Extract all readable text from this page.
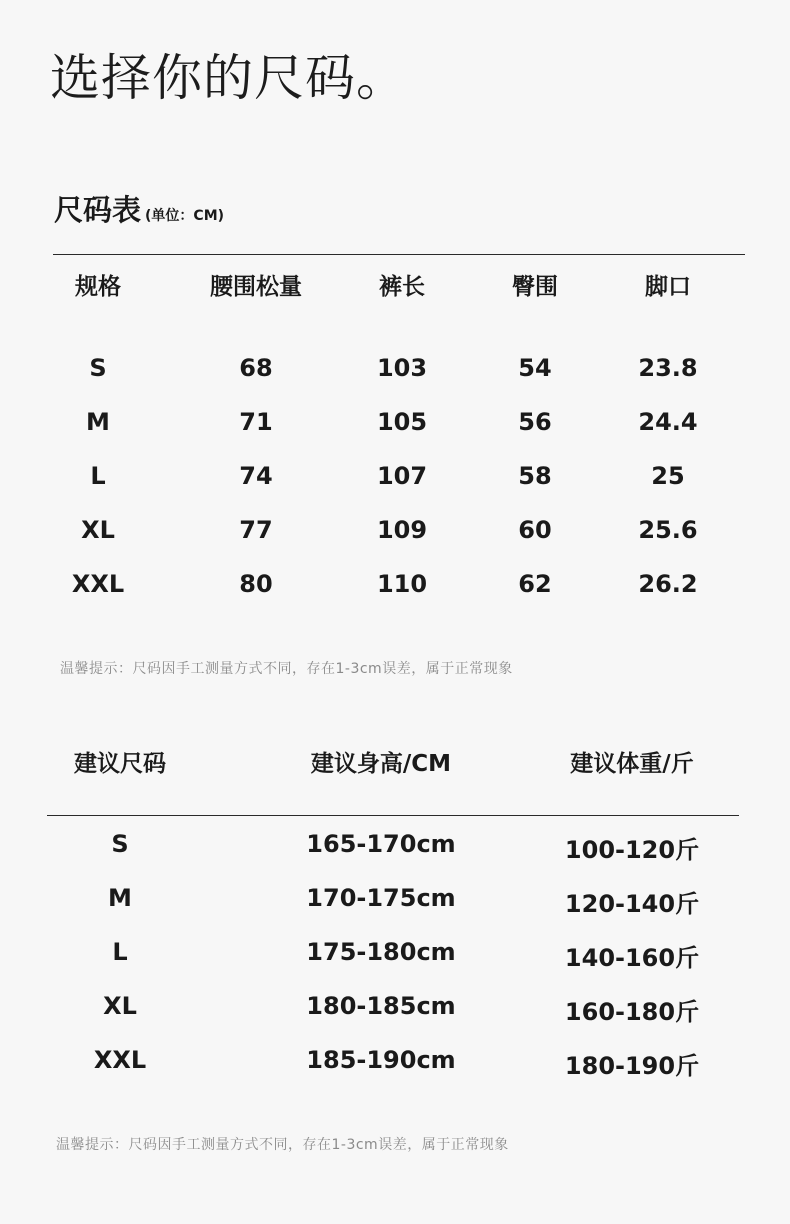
选择你的尺码。
尺码表 (单位：CM)
规格	腰围松量	裤长	臀围	脚口
S	68	103	54	23.8
M	71	105	56	24.4
L	74	107	58	25
XL	77	109	60	25.6
XXL	80	110	62	26.2
温馨提示：尺码因手工测量方式不同，存在1-3cm误差，属于正常现象
建议尺码	建议身高/CM	建议体重/斤
S	165-170cm	100-120斤
M	170-175cm	120-140斤
L	175-180cm	140-160斤
XL	180-185cm	160-180斤
XXL	185-190cm	180-190斤
温馨提示：尺码因手工测量方式不同，存在1-3cm误差，属于正常现象
